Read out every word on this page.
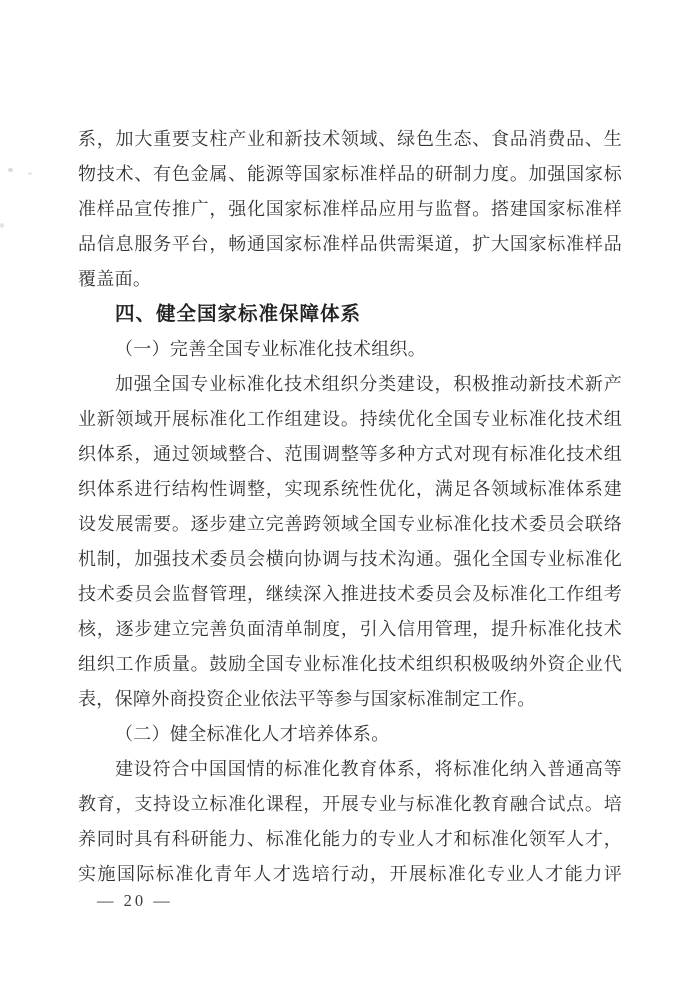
系，加大重要支柱产业和新技术领域、绿色生态、食品消费品、生
物技术、有色金属、能源等国家标准样品的研制力度。加强国家标
准样品宣传推广，强化国家标准样品应用与监督。搭建国家标准样
品信息服务平台，畅通国家标准样品供需渠道，扩大国家标准样品
覆盖面。
四、健全国家标准保障体系
（一）完善全国专业标准化技术组织。
加强全国专业标准化技术组织分类建设，积极推动新技术新产
业新领域开展标准化工作组建设。持续优化全国专业标准化技术组
织体系，通过领域整合、范围调整等多种方式对现有标准化技术组
织体系进行结构性调整，实现系统性优化，满足各领域标准体系建
设发展需要。逐步建立完善跨领域全国专业标准化技术委员会联络
机制，加强技术委员会横向协调与技术沟通。强化全国专业标准化
技术委员会监督管理，继续深入推进技术委员会及标准化工作组考
核，逐步建立完善负面清单制度，引入信用管理，提升标准化技术
组织工作质量。鼓励全国专业标准化技术组织积极吸纳外资企业代
表，保障外商投资企业依法平等参与国家标准制定工作。
（二）健全标准化人才培养体系。
建设符合中国国情的标准化教育体系，将标准化纳入普通高等
教育，支持设立标准化课程，开展专业与标准化教育融合试点。培
养同时具有科研能力、标准化能力的专业人才和标准化领军人才，
实施国际标准化青年人才选培行动，开展标准化专业人才能力评
— 20 —
